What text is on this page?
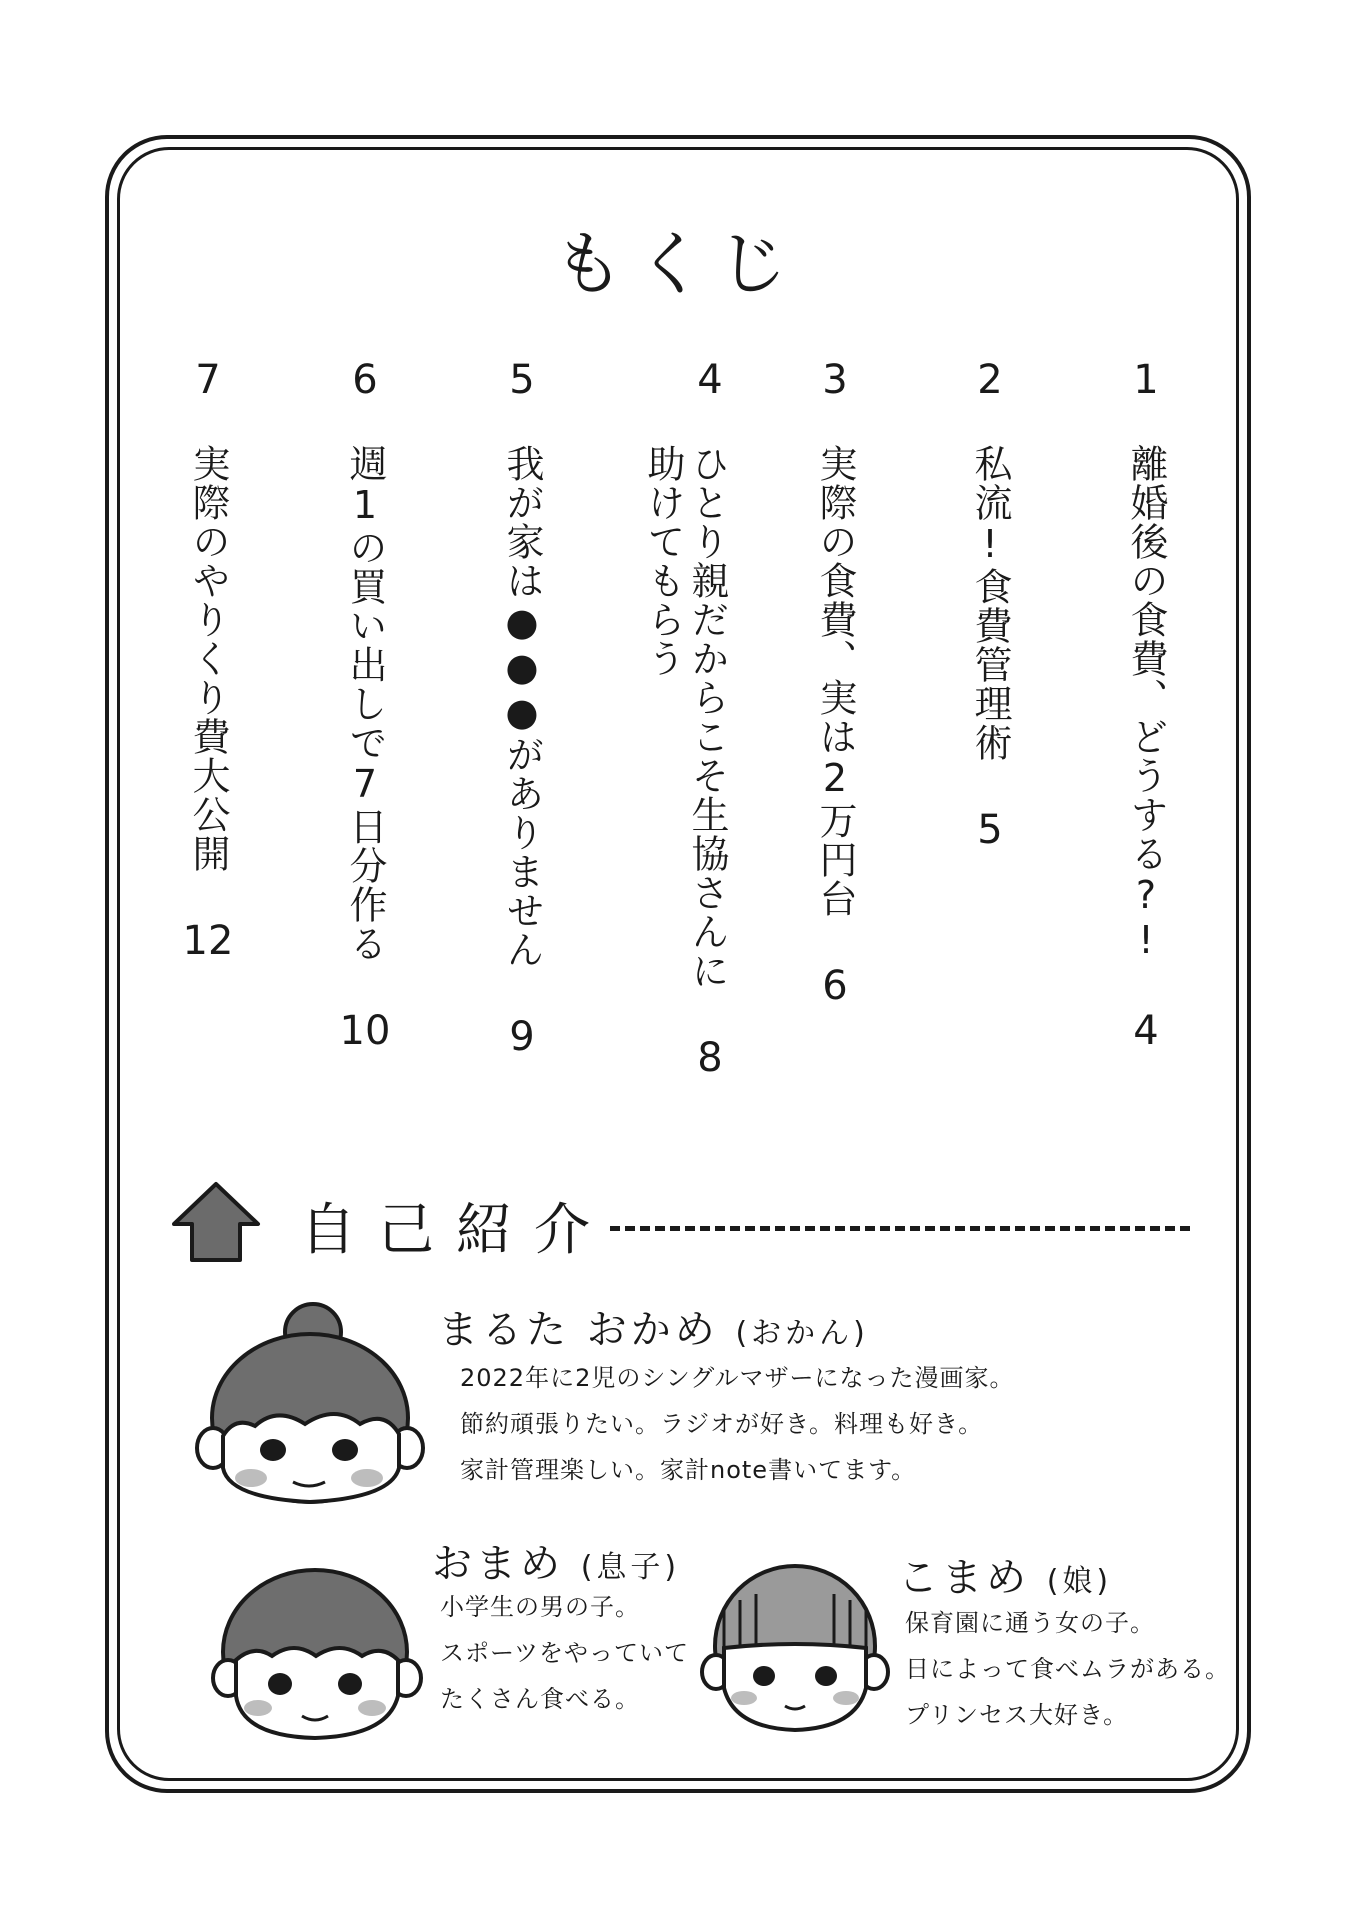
もくじ
1
離婚後の食費、どうする?!
4
2
私流!食費管理術
5
3
実際の食費、実は2万円台
6
4
ひとり親だからこそ生協さんに
助けてもらう
8
5
我が家は●●●がありません
9
6
週1の買い出しで7日分作る
10
7
実際のやりくり費大公開
12
自己紹介
まるた おかめ (おかん)
2022年に2児のシングルマザーになった漫画家。
節約頑張りたい。ラジオが好き。料理も好き。
家計管理楽しい。家計note書いてます。
おまめ (息子)
小学生の男の子。
スポーツをやっていて
たくさん食べる。
こまめ (娘)
保育園に通う女の子。
日によって食べムラがある。
プリンセス大好き。
